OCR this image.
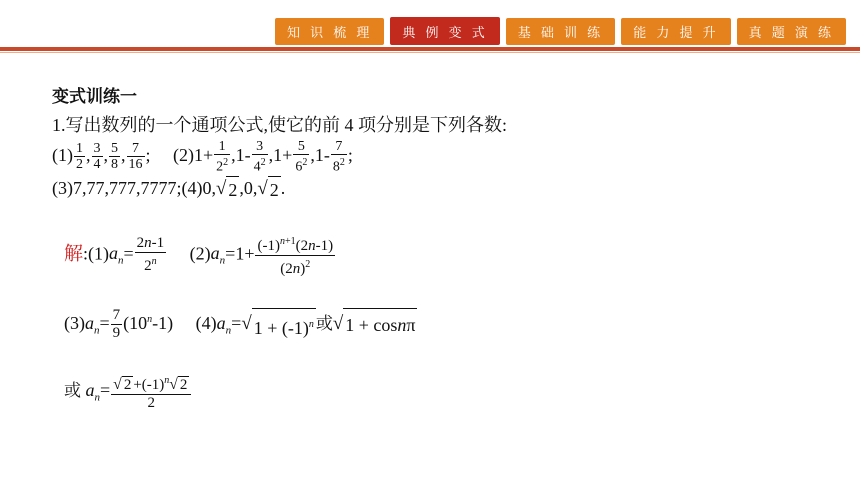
知 识 梳 理	典 例 变 式	基 础 训 练	能 力 提 升	真 题 演 练
变式训练一
1.写出数列的一个通项公式,使它的前 4 项分别是下列各数:
$(1) \frac{1}{2}$ , $\frac{3}{4}$ , $\frac{5}{8}$ , $\frac{7}{16}$ ; $(2)1+ \frac{1}{2^2} ,1- \frac{3}{4^2} ,1+ \frac{5}{6^2} ,1- \frac{7}{8^2}$ ;
(3)7,77,777,7777;(4)0, √ 2 ,0, √ 2 .
解$:(1)a_n= \frac{2n-1}{2^n} (2)a_n=1+ \frac{(-1)^{n+1}(2n-1)}{(2n)^2}$
$(3)a_n= \frac{7}{9} (10^n-1)$ $(4)a_n=$ √ $1 + (-1)^n$ 或 √ 1 + cosnπ
或 $a_n= \frac{√ 2 +(-1)^n √ 2}{2}$
